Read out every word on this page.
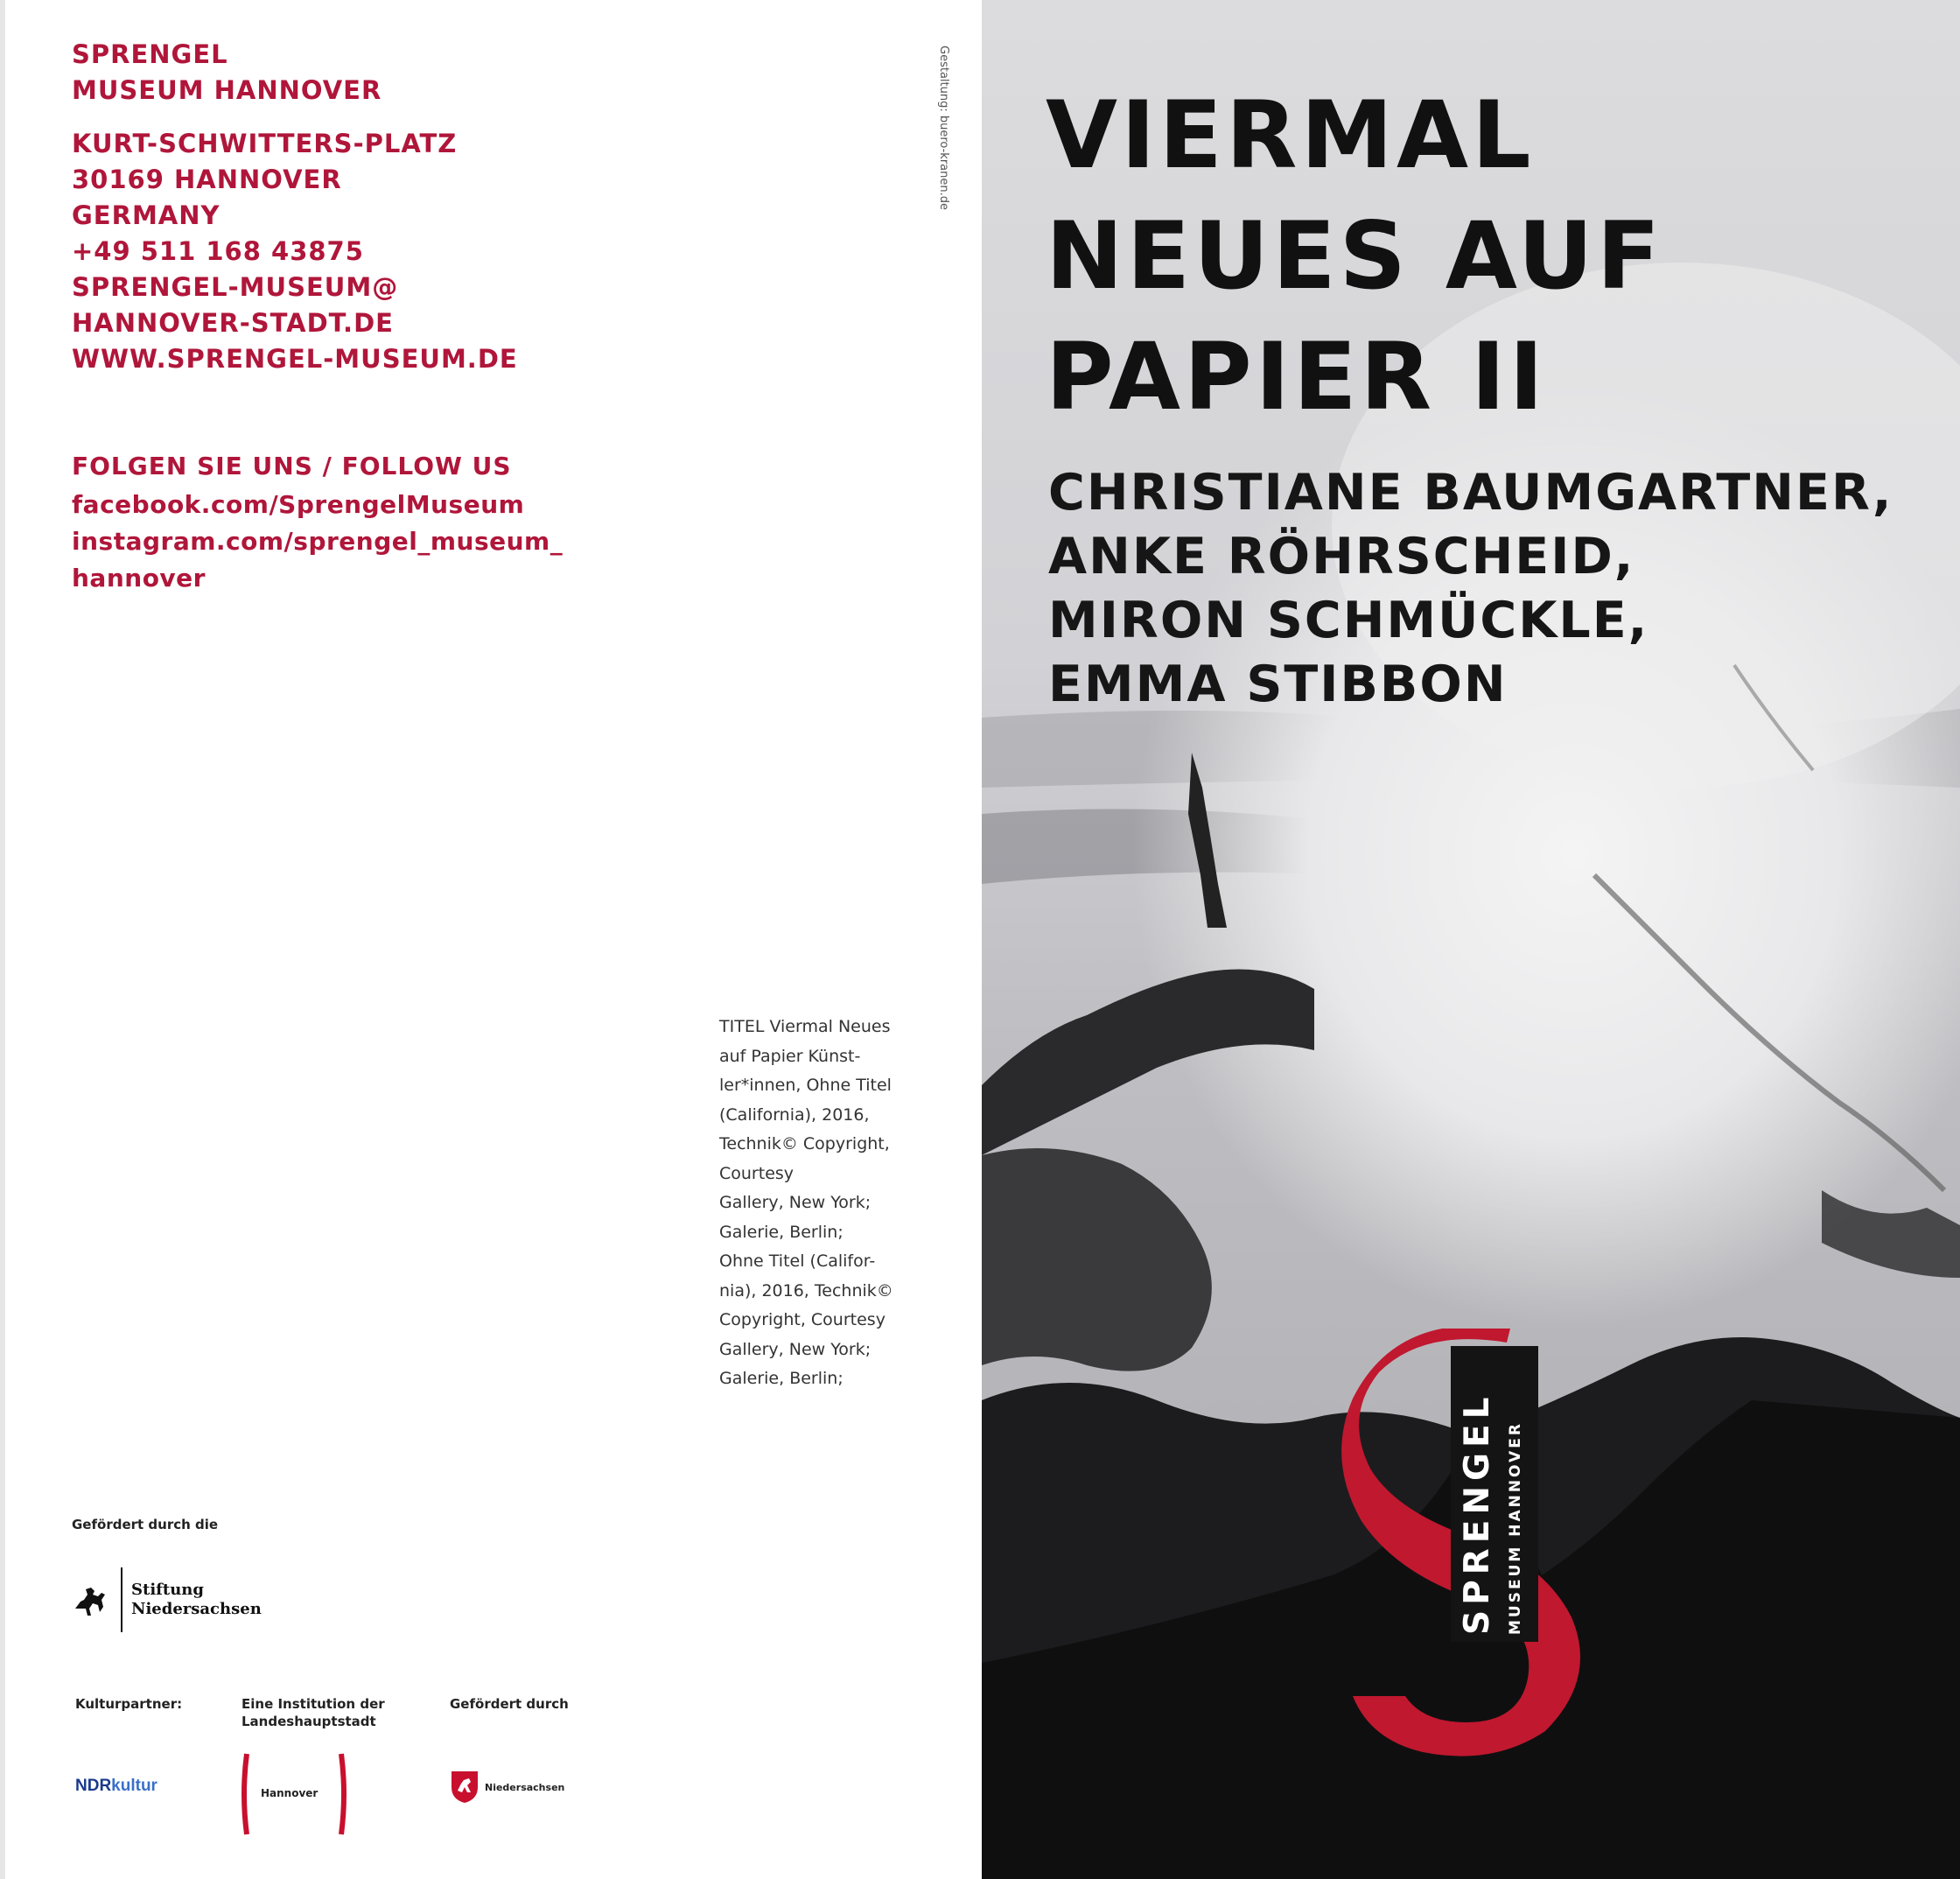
SPRENGEL
MUSEUM HANNOVER
KURT-SCHWITTERS-PLATZ
30169 HANNOVER
GERMANY
+49 511 168 43875
SPRENGEL-MUSEUM@
HANNOVER-STADT.DE
WWW.SPRENGEL-MUSEUM.DE
FOLGEN SIE UNS / FOLLOW US
facebook.com/SprengelMuseum
instagram.com/sprengel_museum_
hannover
Gestaltung: buero-kranen.de
TITEL Viermal Neues
auf Papier Künst-
ler*innen, Ohne Titel
(California), 2016,
Technik© Copyright,
Courtesy
Gallery, New York;
Galerie, Berlin;
Ohne Titel (Califor-
nia), 2016, Technik©
Copyright, Courtesy
Gallery, New York;
Galerie, Berlin;
Gefördert durch die
Stiftung
Niedersachsen
Kulturpartner:	Eine Institution der
Landeshauptstadt
Gefördert durch
NDRkultur	Hannover	Niedersachsen
VIERMAL
NEUES AUF
PAPIER II
CHRISTIANE BAUMGARTNER,
ANKE RÖHRSCHEID,
MIRON SCHMÜCKLE,
EMMA STIBBON
SPRENGEL MUSEUM HANNOVER
